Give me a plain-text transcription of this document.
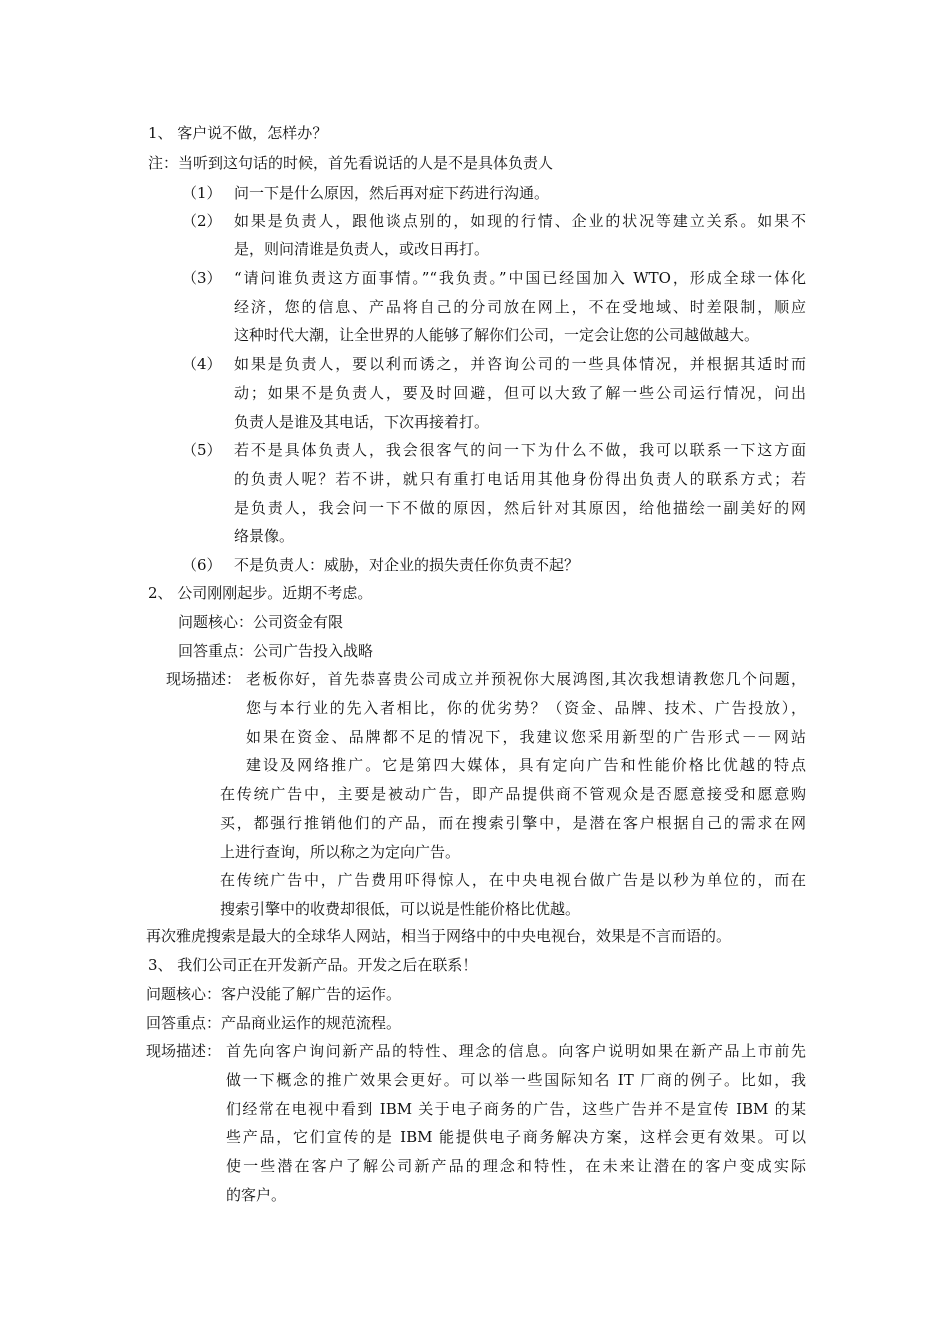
1、 客户说不做，怎样办？
注：当听到这句话的时候，首先看说话的人是不是具体负责人
（1） 问一下是什么原因，然后再对症下药进行沟通。
（2） 如果是负责人，跟他谈点别的，如现的行情、企业的状况等建立关系。如果不
是，则问清谁是负责人，或改日再打。
（3） “请问谁负责这方面事情。”“我负责。”中国已经国加入 WTO，形成全球一体化
经济，您的信息、产品将自己的分司放在网上，不在受地域、时差限制，顺应
这种时代大潮，让全世界的人能够了解你们公司，一定会让您的公司越做越大。
（4） 如果是负责人，要以利而诱之，并咨询公司的一些具体情况，并根据其适时而
动；如果不是负责人，要及时回避，但可以大致了解一些公司运行情况，问出
负责人是谁及其电话，下次再接着打。
（5） 若不是具体负责人，我会很客气的问一下为什么不做，我可以联系一下这方面
的负责人呢？若不讲，就只有重打电话用其他身份得出负责人的联系方式；若
是负责人，我会问一下不做的原因，然后针对其原因，给他描绘一副美好的网
络景像。
（6） 不是负责人：威胁，对企业的损失责任你负责不起？
2、 公司刚刚起步。近期不考虑。
问题核心：公司资金有限
回答重点：公司广告投入战略
现场描述： 老板你好，首先恭喜贵公司成立并预祝你大展鸿图,其次我想请教您几个问题，
您与本行业的先入者相比，你的优劣势？（资金、品牌、技术、广告投放），
如果在资金、品牌都不足的情况下，我建议您采用新型的广告形式－－网站
建设及网络推广。它是第四大媒体，具有定向广告和性能价格比优越的特点
在传统广告中，主要是被动广告，即产品提供商不管观众是否愿意接受和愿意购
买，都强行推销他们的产品，而在搜索引擎中，是潜在客户根据自己的需求在网
上进行查询，所以称之为定向广告。
在传统广告中，广告费用吓得惊人，在中央电视台做广告是以秒为单位的，而在
搜索引擎中的收费却很低，可以说是性能价格比优越。
再次雅虎搜索是最大的全球华人网站，相当于网络中的中央电视台，效果是不言而语的。
3、 我们公司正在开发新产品。开发之后在联系！
问题核心：客户没能了解广告的运作。
回答重点：产品商业运作的规范流程。
现场描述： 首先向客户询问新产品的特性、理念的信息。向客户说明如果在新产品上市前先
做一下概念的推广效果会更好。可以举一些国际知名 IT 厂商的例子。比如，我
们经常在电视中看到 IBM 关于电子商务的广告，这些广告并不是宣传 IBM 的某
些产品，它们宣传的是 IBM 能提供电子商务解决方案，这样会更有效果。可以
使一些潜在客户了解公司新产品的理念和特性，在未来让潜在的客户变成实际
的客户。
